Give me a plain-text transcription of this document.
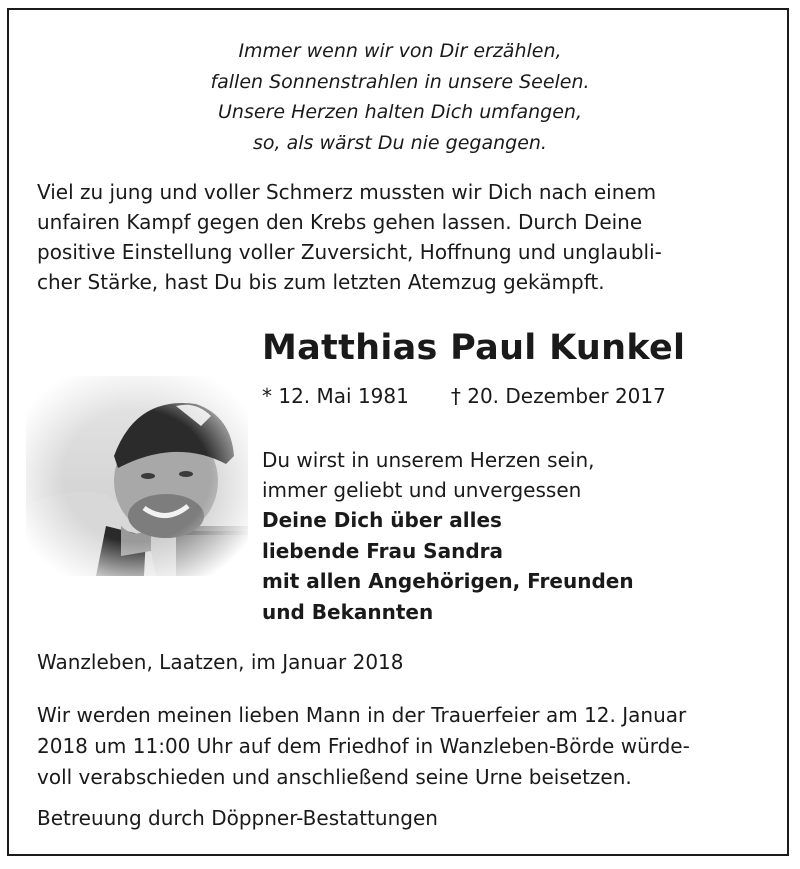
Immer wenn wir von Dir erzählen,
fallen Sonnenstrahlen in unsere Seelen.
Unsere Herzen halten Dich umfangen,
so, als wärst Du nie gegangen.
Viel zu jung und voller Schmerz mussten wir Dich nach einem
unfairen Kampf gegen den Krebs gehen lassen. Durch Deine
positive Einstellung voller Zuversicht, Hoffnung und unglaubli-
cher Stärke, hast Du bis zum letzten Atemzug gekämpft.
Matthias Paul Kunkel
* 12. Mai 1981 † 20. Dezember 2017
Du wirst in unserem Herzen sein,
immer geliebt und unvergessen
Deine Dich über alles
liebende Frau Sandra
mit allen Angehörigen, Freunden
und Bekannten
Wanzleben, Laatzen, im Januar 2018
Wir werden meinen lieben Mann in der Trauerfeier am 12. Januar
2018 um 11:00 Uhr auf dem Friedhof in Wanzleben-Börde würde-
voll verabschieden und anschließend seine Urne beisetzen.
Betreuung durch Döppner-Bestattungen
